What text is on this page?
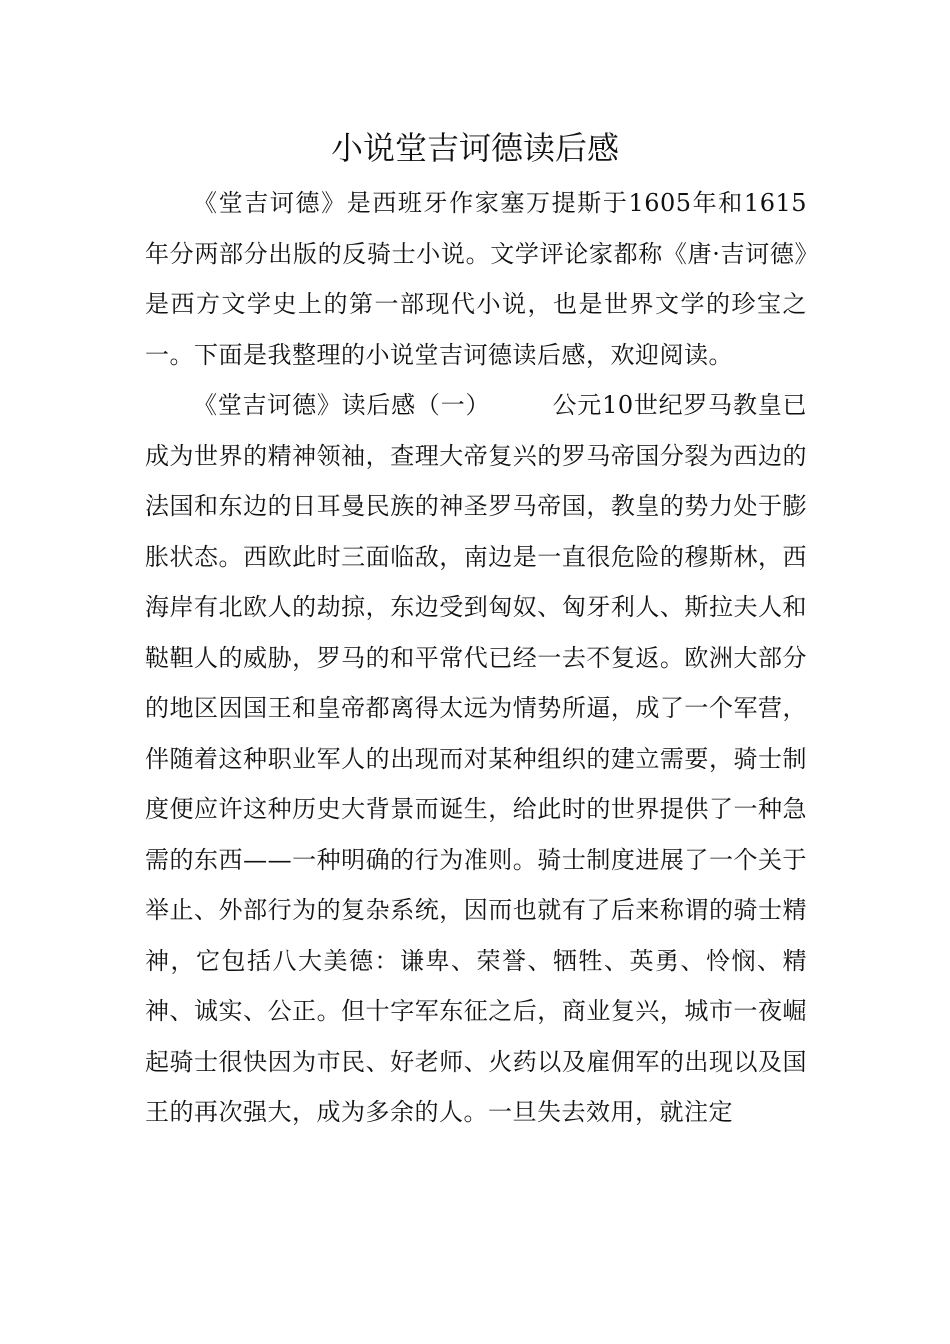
小说堂吉诃德读后感

《堂吉诃德》是西班牙作家塞万提斯于1605年和1615年分两部分出版的反骑士小说。文学评论家都称《唐·吉诃德》是西方文学史上的第一部现代小说，也是世界文学的珍宝之一。下面是我整理的小说堂吉诃德读后感，欢迎阅读。

《堂吉诃德》读后感（一）　　　公元10世纪罗马教皇已成为世界的精神领袖，查理大帝复兴的罗马帝国分裂为西边的法国和东边的日耳曼民族的神圣罗马帝国，教皇的势力处于膨胀状态。西欧此时三面临敌，南边是一直很危险的穆斯林，西海岸有北欧人的劫掠，东边受到匈奴、匈牙利人、斯拉夫人和鞑靼人的威胁，罗马的和平常代已经一去不复返。欧洲大部分的地区因国王和皇帝都离得太远为情势所逼，成了一个军营，伴随着这种职业军人的出现而对某种组织的建立需要，骑士制度便应许这种历史大背景而诞生，给此时的世界提供了一种急需的东西——一种明确的行为准则。骑士制度进展了一个关于举止、外部行为的复杂系统，因而也就有了后来称谓的骑士精神，它包括八大美德：谦卑、荣誉、牺牲、英勇、怜悯、精神、诚实、公正。但十字军东征之后，商业复兴，城市一夜崛起骑士很快因为市民、好老师、火药以及雇佣军的出现以及国王的再次强大，成为多余的人。一旦失去效用，就注定
